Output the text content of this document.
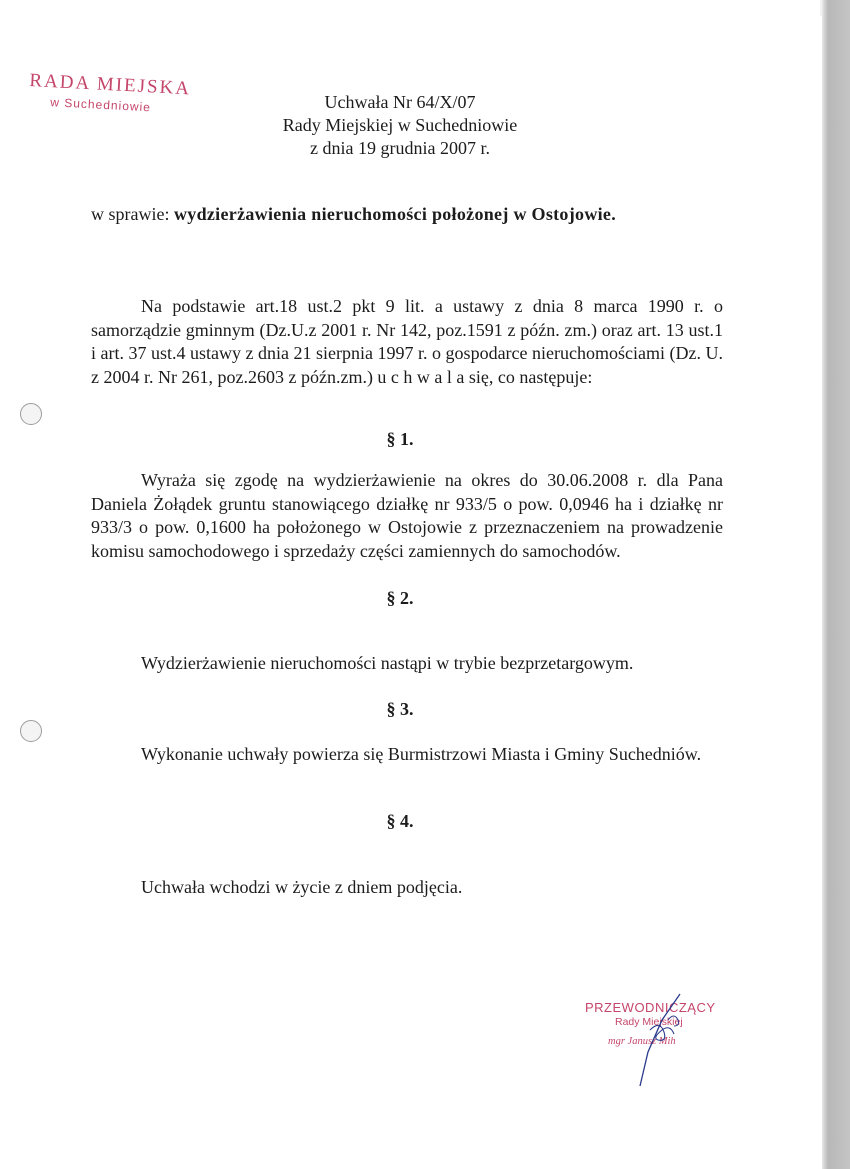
RADA MIEJSKA
w Suchedniowie	Uchwała Nr 64/X/07
Rady Miejskiej w Suchedniowie
z dnia 19 grudnia 2007 r.
w sprawie: wydzierżawienia nieruchomości położonej w Ostojowie.
Na podstawie art.18 ust.2 pkt 9 lit. a ustawy z dnia 8 marca 1990 r. o samorządzie gminnym (Dz.U.z 2001 r. Nr 142, poz.1591 z późn. zm.) oraz art. 13 ust.1 i art. 37 ust.4 ustawy z dnia 21 sierpnia 1997 r. o gospodarce nieruchomościami (Dz. U. z 2004 r. Nr 261, poz.2603 z późn.zm.) u c h w a l a się, co następuje:
§ 1.
Wyraża się zgodę na wydzierżawienie na okres do 30.06.2008 r. dla Pana Daniela Żołądek gruntu stanowiącego działkę nr 933/5 o pow. 0,0946 ha i działkę nr 933/3 o pow. 0,1600 ha położonego w Ostojowie z przeznaczeniem na prowadzenie komisu samochodowego i sprzedaży części zamiennych do samochodów.
§ 2.
Wydzierżawienie nieruchomości nastąpi w trybie bezprzetargowym.
§ 3.
Wykonanie uchwały powierza się Burmistrzowi Miasta i Gminy Suchedniów.
§ 4.
Uchwała wchodzi w życie z dniem podjęcia.
PRZEWODNICZĄCY
Rady Miejskiej
mgr Janusz Mih
